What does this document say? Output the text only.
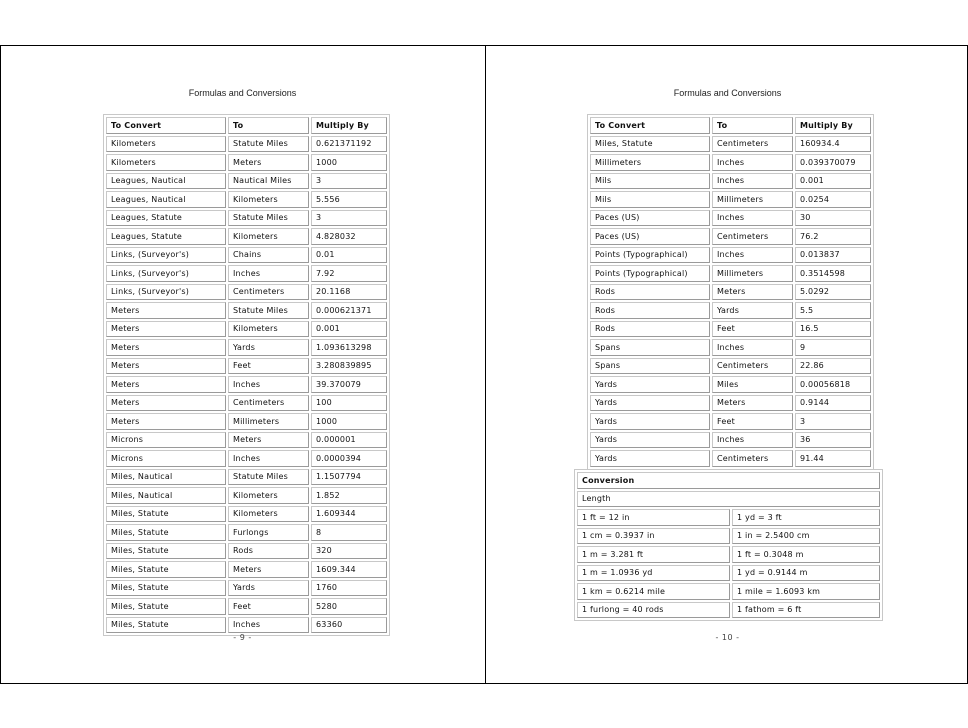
Formulas and Conversions
To Convert	To	Multiply By
Kilometers	Statute Miles	0.621371192
Kilometers	Meters	1000
Leagues, Nautical	Nautical Miles	3
Leagues, Nautical	Kilometers	5.556
Leagues, Statute	Statute Miles	3
Leagues, Statute	Kilometers	4.828032
Links, (Surveyor's)	Chains	0.01
Links, (Surveyor's)	Inches	7.92
Links, (Surveyor's)	Centimeters	20.1168
Meters	Statute Miles	0.000621371
Meters	Kilometers	0.001
Meters	Yards	1.093613298
Meters	Feet	3.280839895
Meters	Inches	39.370079
Meters	Centimeters	100
Meters	Millimeters	1000
Microns	Meters	0.000001
Microns	Inches	0.0000394
Miles, Nautical	Statute Miles	1.1507794
Miles, Nautical	Kilometers	1.852
Miles, Statute	Kilometers	1.609344
Miles, Statute	Furlongs	8
Miles, Statute	Rods	320
Miles, Statute	Meters	1609.344
Miles, Statute	Yards	1760
Miles, Statute	Feet	5280
Miles, Statute	Inches	63360
- 9 -
Formulas and Conversions
- 10 -
To Convert	To	Multiply By
Miles, Statute	Centimeters	160934.4
Millimeters	Inches	0.039370079
Mils	Inches	0.001
Mils	Millimeters	0.0254
Paces (US)	Inches	30
Paces (US)	Centimeters	76.2
Points (Typographical)	Inches	0.013837
Points (Typographical)	Millimeters	0.3514598
Rods	Meters	5.0292
Rods	Yards	5.5
Rods	Feet	16.5
Spans	Inches	9
Spans	Centimeters	22.86
Yards	Miles	0.00056818
Yards	Meters	0.9144
Yards	Feet	3
Yards	Inches	36
Yards	Centimeters	91.44
Conversion	
Length	
1 ft = 12 in	1 yd = 3 ft
1 cm = 0.3937 in	1 in = 2.5400 cm
1 m = 3.281 ft	1 ft = 0.3048 m
1 m = 1.0936 yd	1 yd = 0.9144 m
1 km = 0.6214 mile	1 mile = 1.6093 km
1 furlong = 40 rods	1 fathom = 6 ft
